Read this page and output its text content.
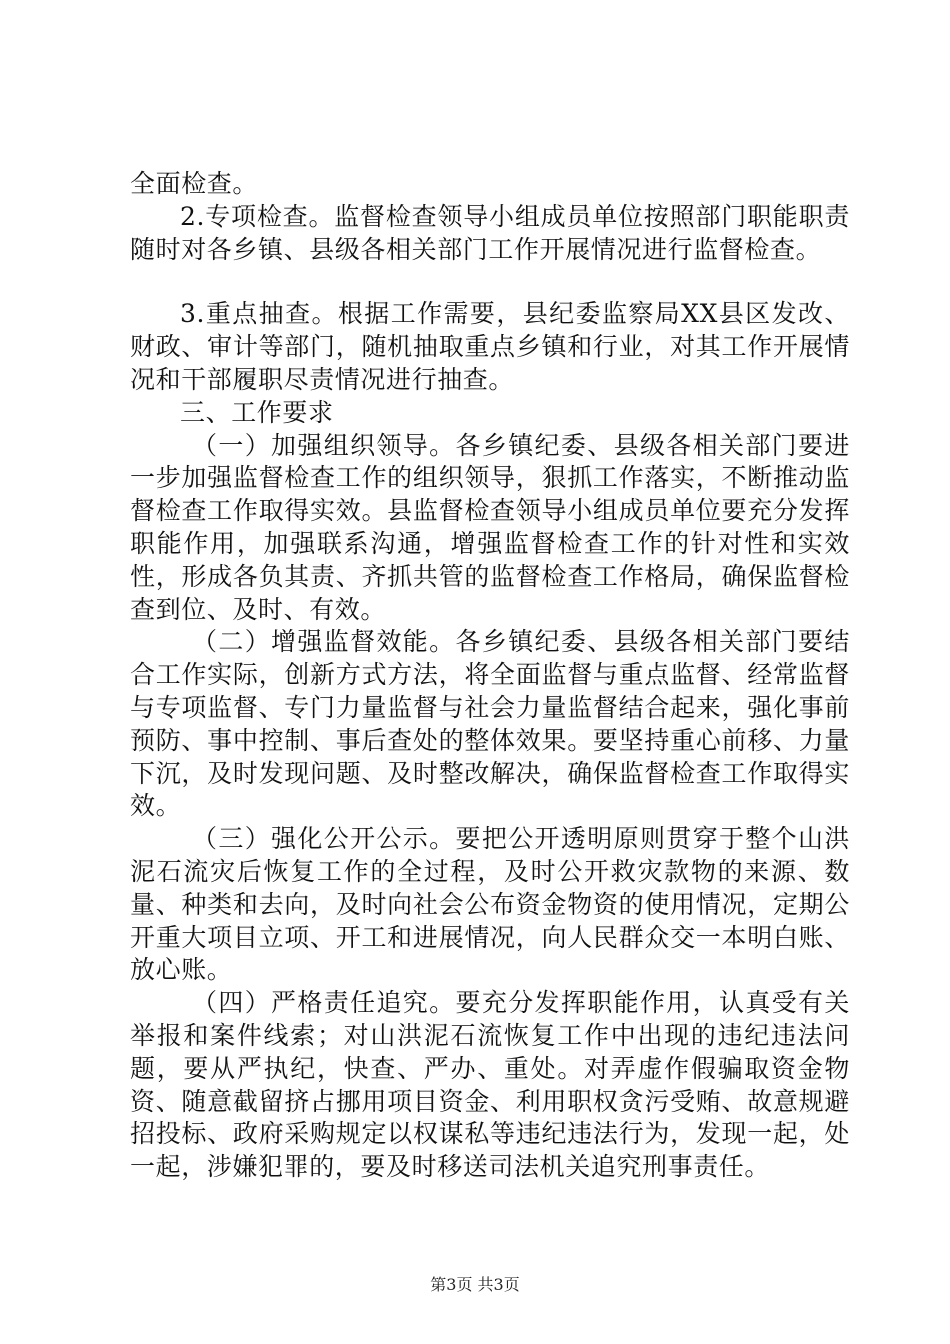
全面检查。

2.专项检查。监督检查领导小组成员单位按照部门职能职责随时对各乡镇、县级各相关部门工作开展情况进行监督检查。

3.重点抽查。根据工作需要，县纪委监察局XX县区发改、财政、审计等部门，随机抽取重点乡镇和行业，对其工作开展情况和干部履职尽责情况进行抽查。

三、工作要求

（一）加强组织领导。各乡镇纪委、县级各相关部门要进一步加强监督检查工作的组织领导，狠抓工作落实，不断推动监督检查工作取得实效。县监督检查领导小组成员单位要充分发挥职能作用，加强联系沟通，增强监督检查工作的针对性和实效性，形成各负其责、齐抓共管的监督检查工作格局，确保监督检查到位、及时、有效。

（二）增强监督效能。各乡镇纪委、县级各相关部门要结合工作实际，创新方式方法，将全面监督与重点监督、经常监督与专项监督、专门力量监督与社会力量监督结合起来，强化事前预防、事中控制、事后查处的整体效果。要坚持重心前移、力量下沉，及时发现问题、及时整改解决，确保监督检查工作取得实效。

（三）强化公开公示。要把公开透明原则贯穿于整个山洪泥石流灾后恢复工作的全过程，及时公开救灾款物的来源、数量、种类和去向，及时向社会公布资金物资的使用情况，定期公开重大项目立项、开工和进展情况，向人民群众交一本明白账、放心账。

（四）严格责任追究。要充分发挥职能作用，认真受有关举报和案件线索；对山洪泥石流恢复工作中出现的违纪违法问题，要从严执纪，快查、严办、重处。对弄虚作假骗取资金物资、随意截留挤占挪用项目资金、利用职权贪污受贿、故意规避招投标、政府采购规定以权谋私等违纪违法行为，发现一起，处一起，涉嫌犯罪的，要及时移送司法机关追究刑事责任。

第3页 共3页
